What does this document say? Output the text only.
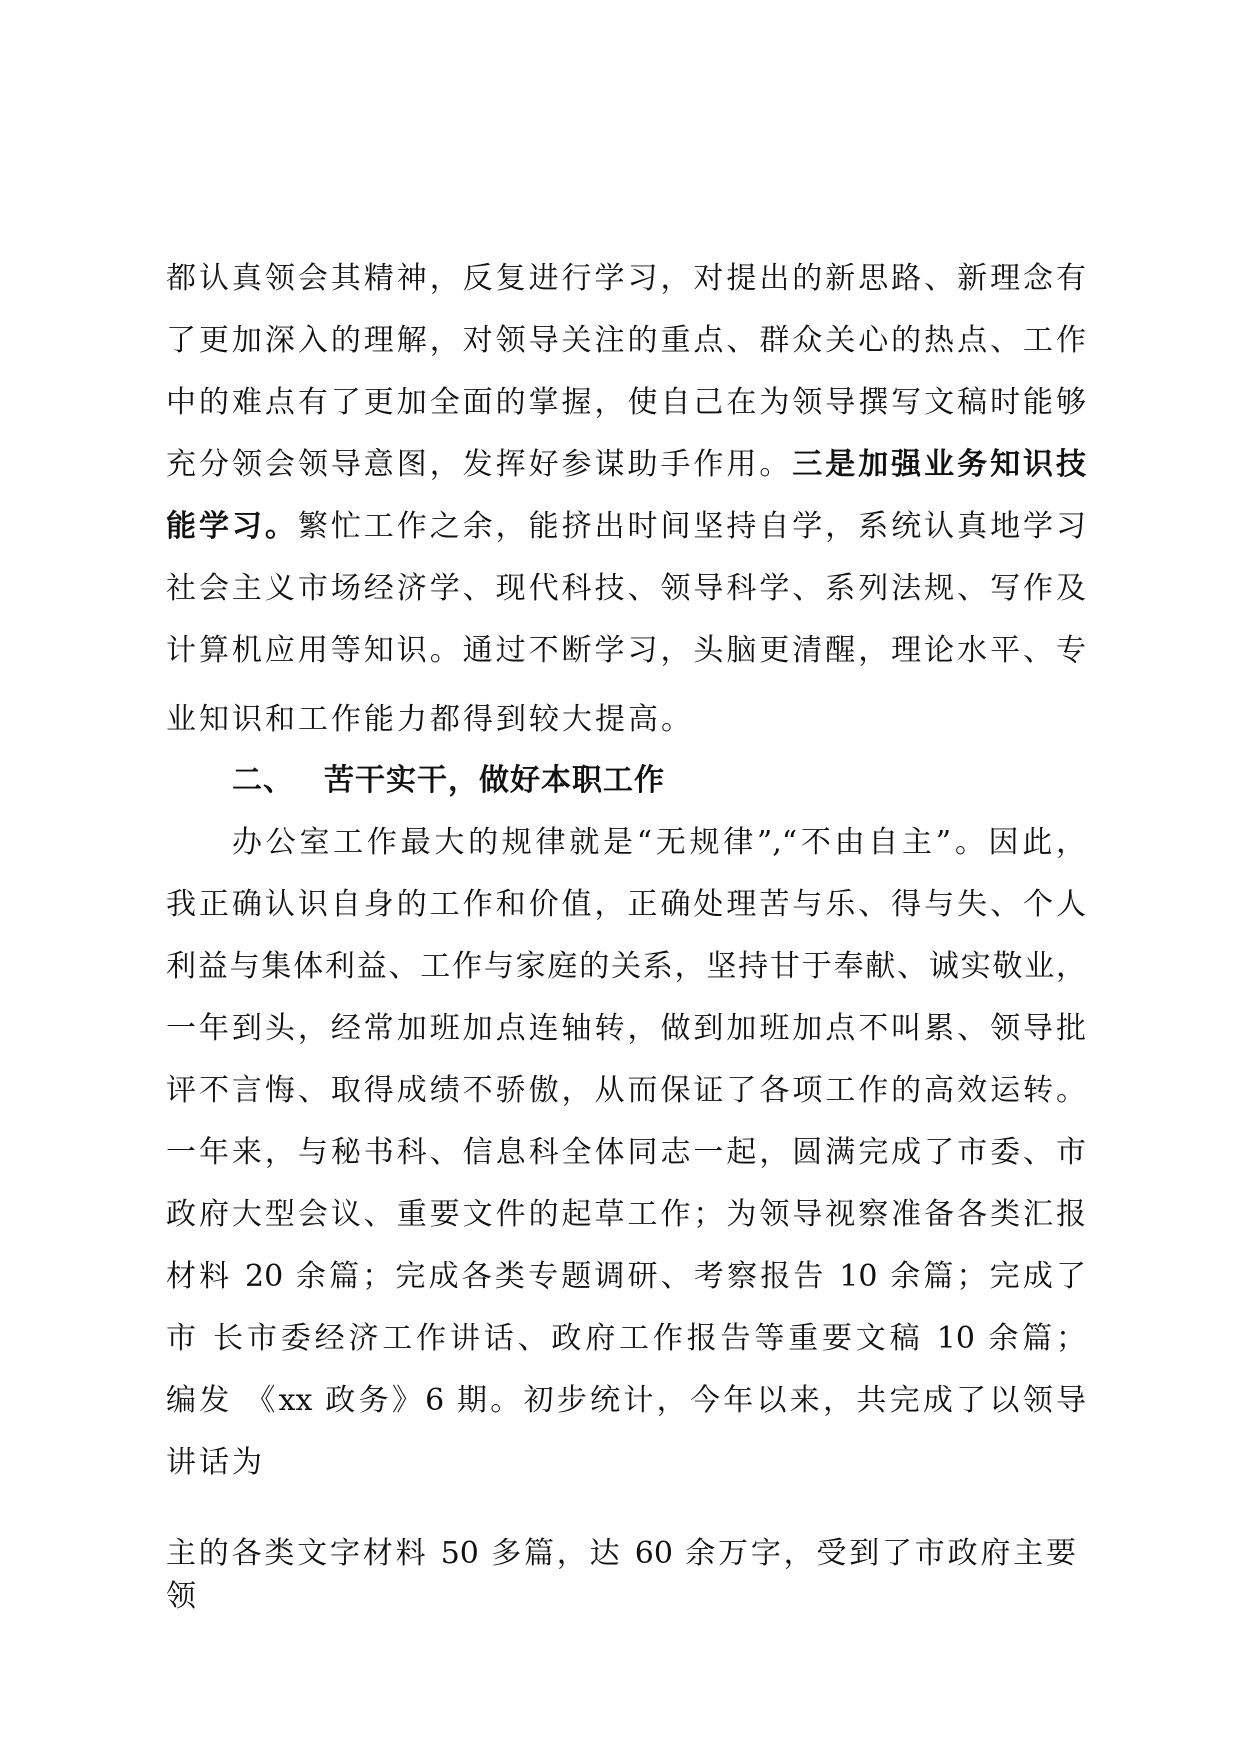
都认真领会其精神，反复进行学习，对提出的新思路、新理念有
了更加深入的理解，对领导关注的重点、群众关心的热点、工作
中的难点有了更加全面的掌握，使自己在为领导撰写文稿时能够
充分领会领导意图，发挥好参谋助手作用。三是加强业务知识技
能学习。繁忙工作之余，能挤出时间坚持自学，系统认真地学习
社会主义市场经济学、现代科技、领导科学、系列法规、写作及
计算机应用等知识。通过不断学习，头脑更清醒，理论水平、专
业知识和工作能力都得到较大提高。
二、 苦干实干，做好本职工作
办公室工作最大的规律就是“无规律”,“不由自主”。因此，
我正确认识自身的工作和价值，正确处理苦与乐、得与失、个人
利益与集体利益、工作与家庭的关系，坚持甘于奉献、诚实敬业，
一年到头，经常加班加点连轴转，做到加班加点不叫累、领导批
评不言悔、取得成绩不骄傲，从而保证了各项工作的高效运转。
一年来，与秘书科、信息科全体同志一起，圆满完成了市委、市
政府大型会议、重要文件的起草工作；为领导视察准备各类汇报
材料 20 余篇；完成各类专题调研、考察报告 10 余篇；完成了
市 长市委经济工作讲话、政府工作报告等重要文稿 10 余篇；
编发 《xx 政务》6 期。初步统计，今年以来，共完成了以领导
讲话为
主的各类文字材料 50 多篇，达 60 余万字，受到了市政府主要
领
